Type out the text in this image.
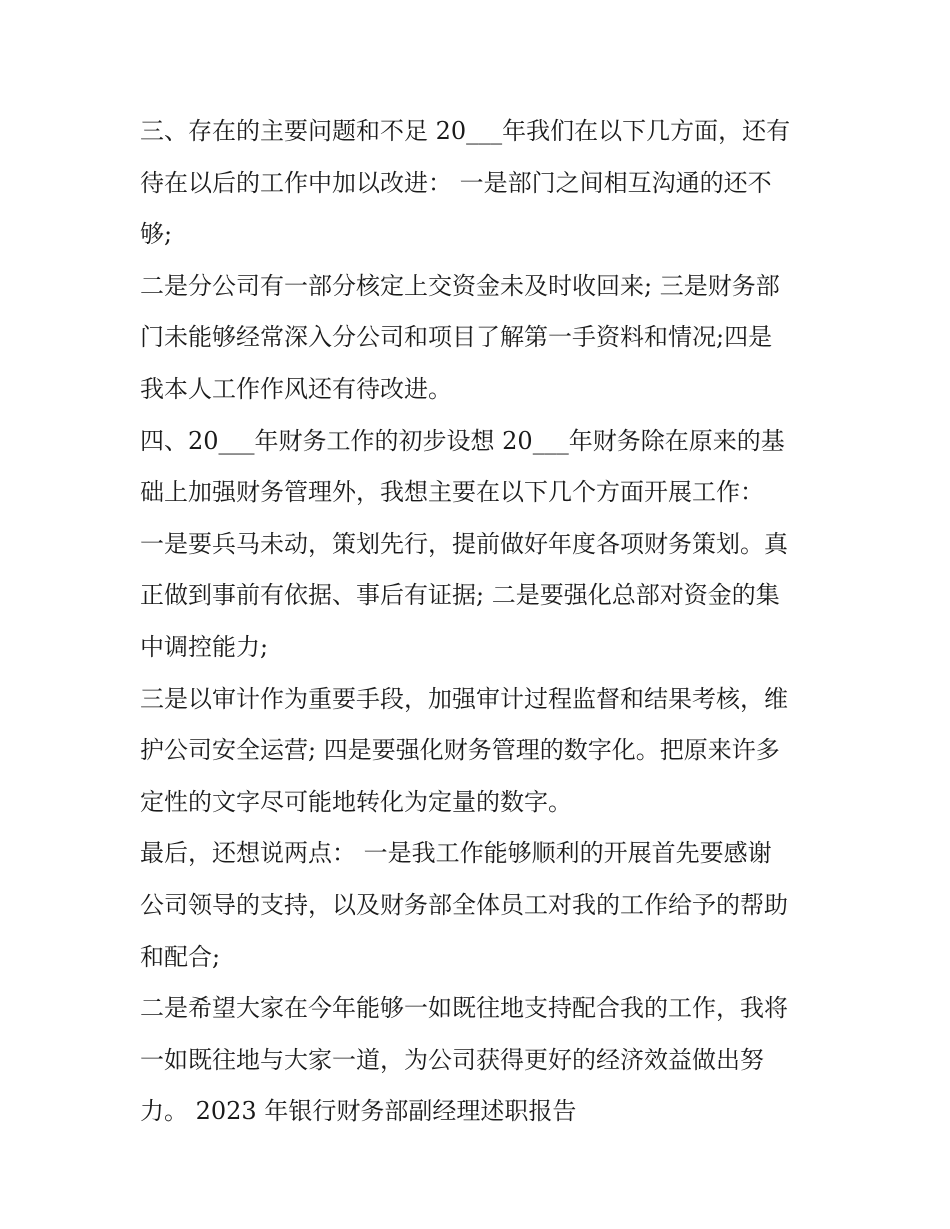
三、存在的主要问题和不足 20___年我们在以下几方面，还有
待在以后的工作中加以改进： 一是部门之间相互沟通的还不
够;
二是分公司有一部分核定上交资金未及时收回来; 三是财务部
门未能够经常深入分公司和项目了解第一手资料和情况;四是
我本人工作作风还有待改进。
四、20___年财务工作的初步设想 20___年财务除在原来的基
础上加强财务管理外，我想主要在以下几个方面开展工作：
一是要兵马未动，策划先行，提前做好年度各项财务策划。真
正做到事前有依据、事后有证据; 二是要强化总部对资金的集
中调控能力;
三是以审计作为重要手段，加强审计过程监督和结果考核，维
护公司安全运营; 四是要强化财务管理的数字化。把原来许多
定性的文字尽可能地转化为定量的数字。
最后，还想说两点： 一是我工作能够顺利的开展首先要感谢
公司领导的支持，以及财务部全体员工对我的工作给予的帮助
和配合;
二是希望大家在今年能够一如既往地支持配合我的工作，我将
一如既往地与大家一道，为公司获得更好的经济效益做出努
力。 2023 年银行财务部副经理述职报告
